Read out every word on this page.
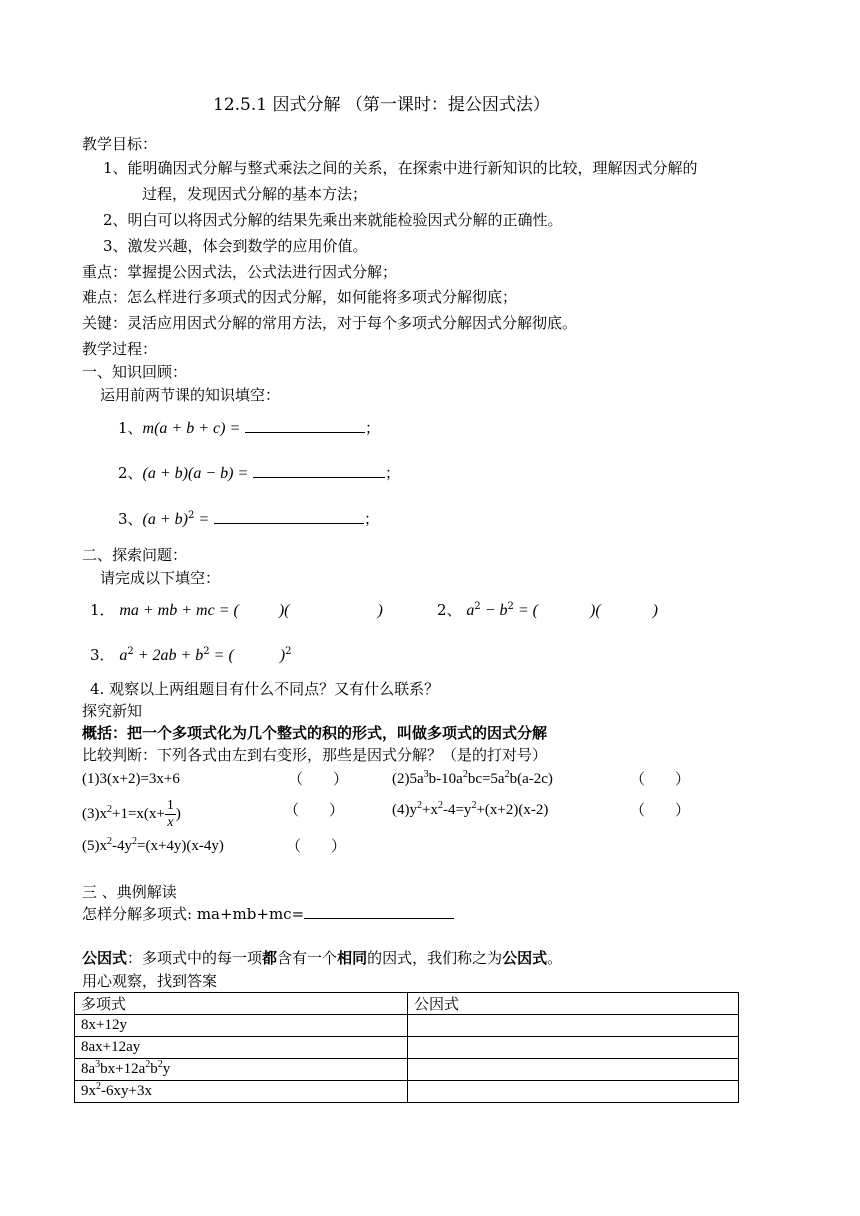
12.5.1 因式分解 （第一课时：提公因式法）
教学目标：
1、能明确因式分解与整式乘法之间的关系，在探索中进行新知识的比较，理解因式分解的
过程，发现因式分解的基本方法；
2、明白可以将因式分解的结果先乘出来就能检验因式分解的正确性。
3、激发兴趣，体会到数学的应用价值。
重点：掌握提公因式法，公式法进行因式分解；
难点：怎么样进行多项式的因式分解，如何能将多项式分解彻底；
关键：灵活应用因式分解的常用方法，对于每个多项式分解因式分解彻底。
教学过程：
一、知识回顾：
运用前两节课的知识填空：
1、m(a + b + c) =	；
2、(a + b)(a − b) =	；
3、$(a + b)^2$ =	；
二、探索问题：
请完成以下填空：
1． ma + mb + mc = (	)(	)	2、 $a^2 - b^2$ = (	)(	)
3． $a^2 + 2ab + b^2$ = (	)$^2$
4. 观察以上两组题目有什么不同点？又有什么联系？
探究新知
概括：把一个多项式化为几个整式的积的形式，叫做多项式的因式分解
比较判断：下列各式由左到右变形，那些是因式分解？（是的打对号）
(1)3(x+2)=3x+6	（　　）	$(2)5a^3b-10a^2bc=5a^2b(a-2c)$	（　　）
$(3)x^2+1=x(x+ \frac{1}{x}$ )	（　　）	$(4)y^2+x^2-4=y^2+(x+2)(x-2)$	（　　）
$(5)x^2-4y^2=(x+4y)(x-4y)$	（　　）
三 、典例解读
怎样分解多项式: ma+mb+mc=
公因式：多项式中的每一项都含有一个相同的因式，我们称之为公因式。
用心观察，找到答案
多项式	公因式
8x+12y	
8ax+12ay	
$8a^3bx+12a^2b^2y$	
$9x^2-6xy+3x$	
